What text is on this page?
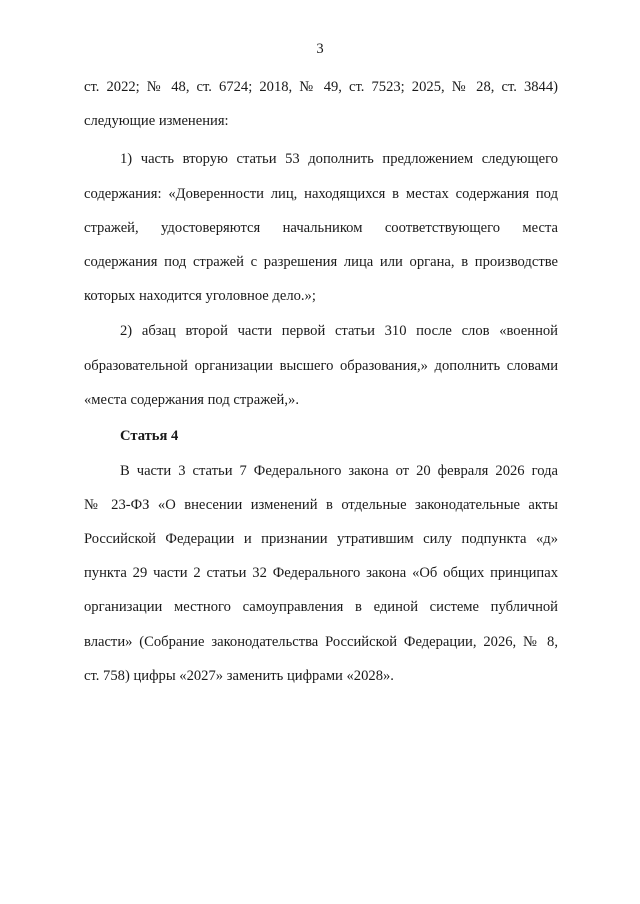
3
ст. 2022; № 48, ст. 6724; 2018, № 49, ст. 7523; 2025, № 28, ст. 3844)
следующие изменения:
1) часть вторую статьи 53 дополнить предложением следующего
содержания: «Доверенности лиц, находящихся в местах содержания под
стражей, удостоверяются начальником соответствующего места
содержания под стражей с разрешения лица или органа, в производстве
которых находится уголовное дело.»;
2) абзац второй части первой статьи 310 после слов «военной
образовательной организации высшего образования,» дополнить словами
«места содержания под стражей,».
Статья 4
В части 3 статьи 7 Федерального закона от 20 февраля 2026 года
№ 23-ФЗ «О внесении изменений в отдельные законодательные акты
Российской Федерации и признании утратившим силу подпункта «д»
пункта 29 части 2 статьи 32 Федерального закона «Об общих принципах
организации местного самоуправления в единой системе публичной
власти» (Собрание законодательства Российской Федерации, 2026, № 8,
ст. 758) цифры «2027» заменить цифрами «2028».
